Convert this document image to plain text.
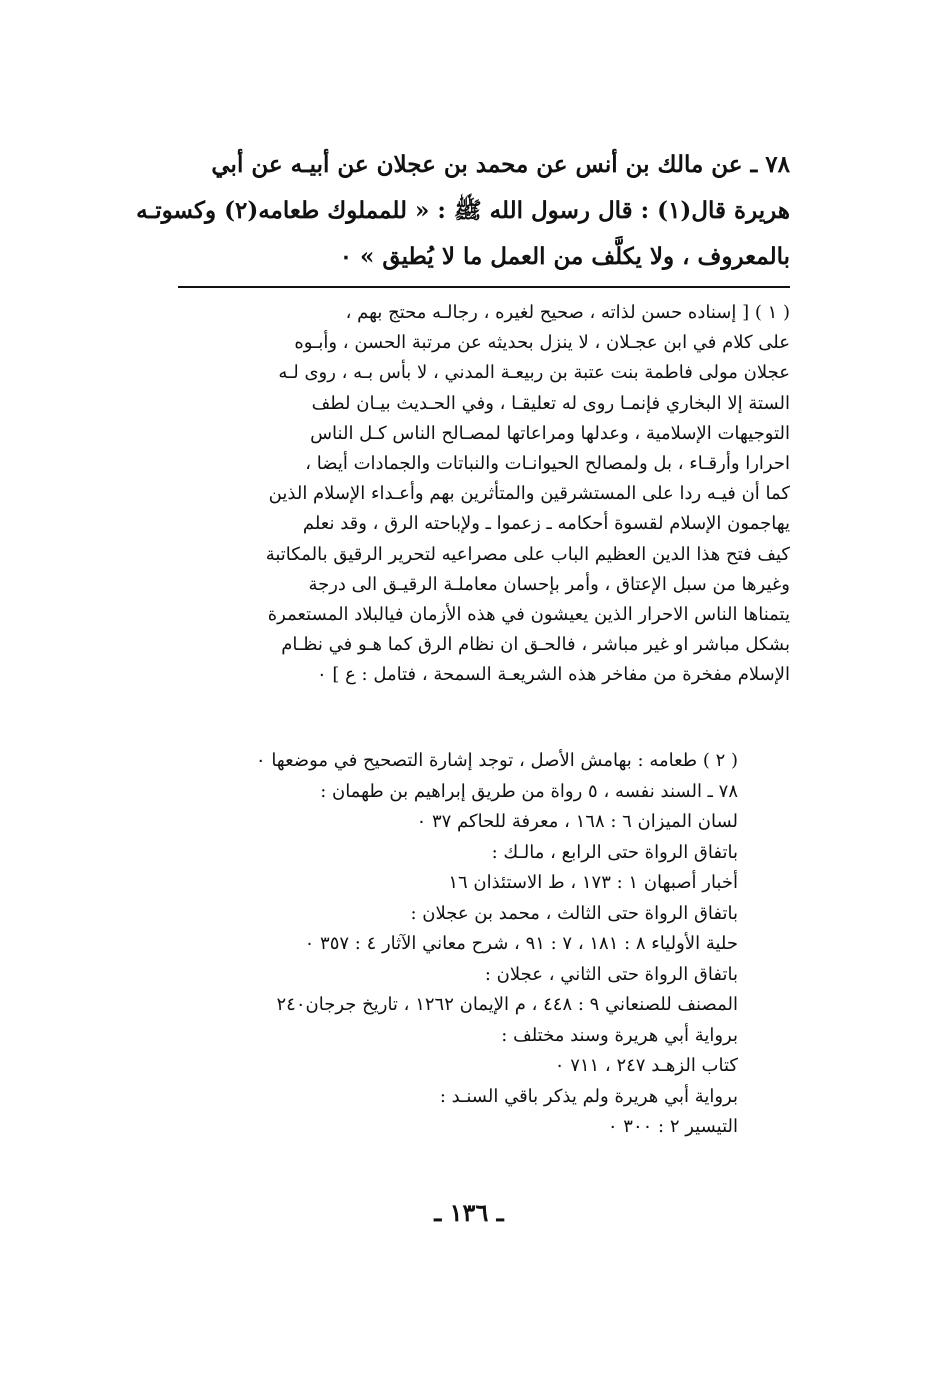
٧٨ ـ عن مالك بن أنس عن محمد بن عجلان عن أبيـه عن أبي
هريرة قال(١) : قال رسول الله ﷺ : « للمملوك طعامه(٢) وكسوتـه
بالمعروف ، ولا يكلَّف من العمل ما لا يُطيق » ٠
( ١ ) [ إسناده حسن لذاته ، صحيح لغيره ، رجالـه محتج بهم ،
على كلام في ابن عجـلان ، لا ينزل بحديثه عن مرتبة الحسن ، وأبـوه
عجلان مولى فاطمة بنت عتبة بن ربيعـة المدني ، لا بأس بـه ، روى لـه
الستة إلا البخاري فإنمـا روى له تعليقـا ، وفي الحـديث بيـان لطف
التوجيهات الإسلامية ، وعدلها ومراعاتها لمصـالح الناس كـل الناس
احرارا وأرقـاء ، بل ولمصالح الحيوانـات والنباتات والجمادات أيضا ،
كما أن فيـه ردا على المستشرقين والمتأثرين بهم وأعـداء الإسلام الذين
يهاجمون الإسلام لقسوة أحكامه ـ زعموا ـ ولإباحته الرق ، وقد نعلم
كيف فتح هذا الدين العظيم الباب على مصراعيه لتحرير الرقيق بالمكاتبة
وغيرها من سبل الإعتاق ، وأمر بإحسان معاملـة الرقيـق الى درجة
يتمناها الناس الاحرار الذين يعيشون في هذه الأزمان فيالبلاد المستعمرة
بشكل مباشر او غير مباشر ، فالحـق ان نظام الرق كما هـو في نظـام
الإسلام مفخرة من مفاخر هذه الشريعـة السمحة ، فتامل : ع ] ٠
( ٢ ) طعامه : بهامش الأصل ، توجد إشارة التصحيح في موضعها ٠
٧٨ ـ السند نفسه ، ٥ رواة من طريق إبراهيم بن طهمان :
لسان الميزان ٦ : ١٦٨ ، معرفة للحاكم ٣٧ ٠
باتفاق الرواة حتى الرابع ، مالـك :
أخبار أصبهان ١ : ١٧٣ ، ط الاستئذان ١٦
باتفاق الرواة حتى الثالث ، محمد بن عجلان :
حلية الأولياء ٨ : ١٨١ ، ٧ : ٩١ ، شرح معاني الآثار ٤ : ٣٥٧ ٠
باتفاق الرواة حتى الثاني ، عجلان :
المصنف للصنعاني ٩ : ٤٤٨ ، م الإيمان ١٢٦٢ ، تاريخ جرجان٢٤٠
برواية أبي هريرة وسند مختلف :
كتاب الزهـد ٢٤٧ ، ٧١١ ٠
برواية أبي هريرة ولم يذكر باقي السنـد :
التيسير ٢ : ٣٠٠ ٠
ـ ١٣٦ ـ
